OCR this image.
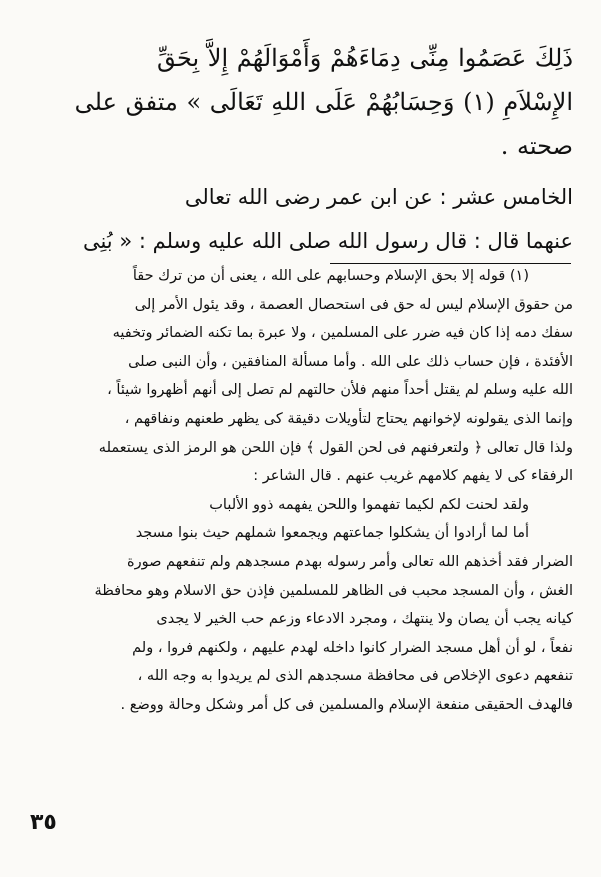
ذَلِكَ عَصَمُوا مِنِّى دِمَاءَهُمْ وَأَمْوَالَهُمْ إِلاَّ بِحَقِّ
الإِسْلاَمِ (١) وَحِسَابُهُمْ عَلَى اللهِ تَعَالَى » متفق على
صحته .
الخامس عشر : عن ابن عمر رضى الله تعالى
عنهما قال : قال رسول الله صلى الله عليه وسلم : « بُنِى
(١) قوله إلا بحق الإسلام وحسابهم على الله ، يعنى أن من ترك حقاً
من حقوق الإسلام ليس له حق فى استحصال العصمة ، وقد يئول الأمر إلى
سفك دمه إذا كان فيه ضرر على المسلمين ، ولا عبرة بما تكنه الضمائر وتخفيه
الأفئدة ، فإن حساب ذلك على الله . وأما مسألة المنافقين ، وأن النبى صلى
الله عليه وسلم لم يقتل أحداً منهم فلأن حالتهم لم تصل إلى أنهم أظهروا شيئاً ،
وإنما الذى يقولونه لإخوانهم يحتاج لتأويلات دقيقة كى يظهر طعنهم ونفاقهم ،
ولذا قال تعالى ﴿ ولتعرفنهم فى لحن القول ﴾ فإن اللحن هو الرمز الذى يستعمله
الرفقاء كى لا يفهم كلامهم غريب عنهم . قال الشاعر :
ولقد لحنت لكم لكيما تفهموا واللحن يفهمه ذوو الألباب
أما لما أرادوا أن يشكلوا جماعتهم ويجمعوا شملهم حيث بنوا مسجد
الضرار فقد أخذهم الله تعالى وأمر رسوله بهدم مسجدهم ولم تنفعهم صورة
الغش ، وأن المسجد محبب فى الظاهر للمسلمين فإذن حق الاسلام وهو محافظة
كيانه يجب أن يصان ولا ينتهك ، ومجرد الادعاء وزعم حب الخير لا يجدى
نفعاً ، لو أن أهل مسجد الضرار كانوا داخله لهدم عليهم ، ولكنهم فروا ، ولم
تنفعهم دعوى الإخلاص فى محافظة مسجدهم الذى لم يريدوا به وجه الله ،
فالهدف الحقيقى منفعة الإسلام والمسلمين فى كل أمر وشكل وحالة ووضع .
٣٥
